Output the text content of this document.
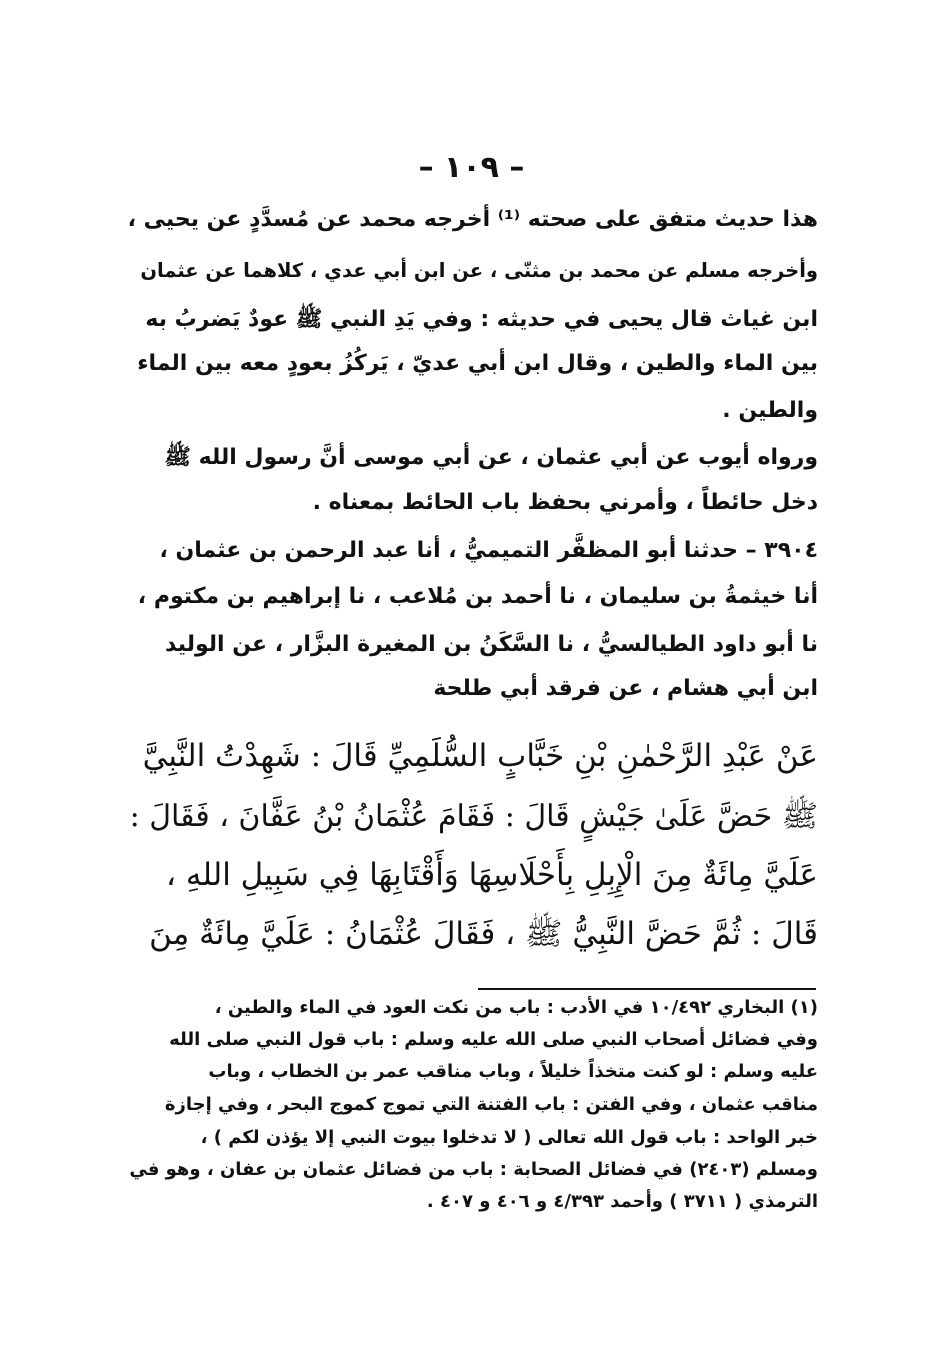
– ١٠٩ –
هذا حديث متفق على صحته ⁽¹⁾ أخرجه محمد عن مُسدَّدٍ عن يحيى ،
وأخرجه مسلم عن محمد بن مثنّى ، عن ابن أبي عدي ، كلاهما عن عثمان
ابن غياث قال يحيى في حديثه : وفي يَدِ النبي ﷺ عودٌ يَضربُ به
بين الماء والطين ، وقال ابن أبي عديّ ، يَركُزُ بعودٍ معه بين الماء
والطين .
ورواه أيوب عن أبي عثمان ، عن أبي موسى أنَّ رسول الله ﷺ
دخل حائطاً ، وأمرني بحفظ باب الحائط بمعناه .
٣٩٠٤ – حدثنا أبو المظفَّر التميميُّ ، أنا عبد الرحمن بن عثمان ،
أنا خيثمةُ بن سليمان ، نا أحمد بن مُلاعب ، نا إبراهيم بن مكتوم ،
نا أبو داود الطيالسيُّ ، نا السَّكَنُ بن المغيرة البزَّار ، عن الوليد
ابن أبي هشام ، عن فرقد أبي طلحة
عَنْ عَبْدِ الرَّحْمٰنِ بْنِ خَبَّابٍ السُّلَمِيِّ قَالَ : شَهِدْتُ النَّبِيَّ
ﷺ حَضَّ عَلَىٰ جَيْشٍ قَالَ : فَقَامَ عُثْمَانُ بْنُ عَفَّانَ ، فَقَالَ :
عَلَيَّ مِائَةٌ مِنَ الْإِبِلِ بِأَحْلَاسِهَا وَأَقْتَابِهَا فِي سَبِيلِ اللهِ ،
قَالَ : ثُمَّ حَضَّ النَّبِيُّ ﷺ ، فَقَالَ عُثْمَانُ : عَلَيَّ مِائَةٌ مِنَ
(١) البخاري ١٠/٤٩٢ في الأدب : باب من نكت العود في الماء والطين ،
وفي فضائل أصحاب النبي صلى الله عليه وسلم : باب قول النبي صلى الله
عليه وسلم : لو كنت متخذاً خليلاً ، وباب مناقب عمر بن الخطاب ، وباب
مناقب عثمان ، وفي الفتن : باب الفتنة التي تموج كموج البحر ، وفي إجازة
خبر الواحد : باب قول الله تعالى ( لا تدخلوا بيوت النبي إلا يؤذن لكم ) ،
ومسلم (٢٤٠٣) في فضائل الصحابة : باب من فضائل عثمان بن عفان ، وهو في
الترمذي ( ٣٧١١ ) وأحمد ٤/٣٩٣ و ٤٠٦ و ٤٠٧ .
